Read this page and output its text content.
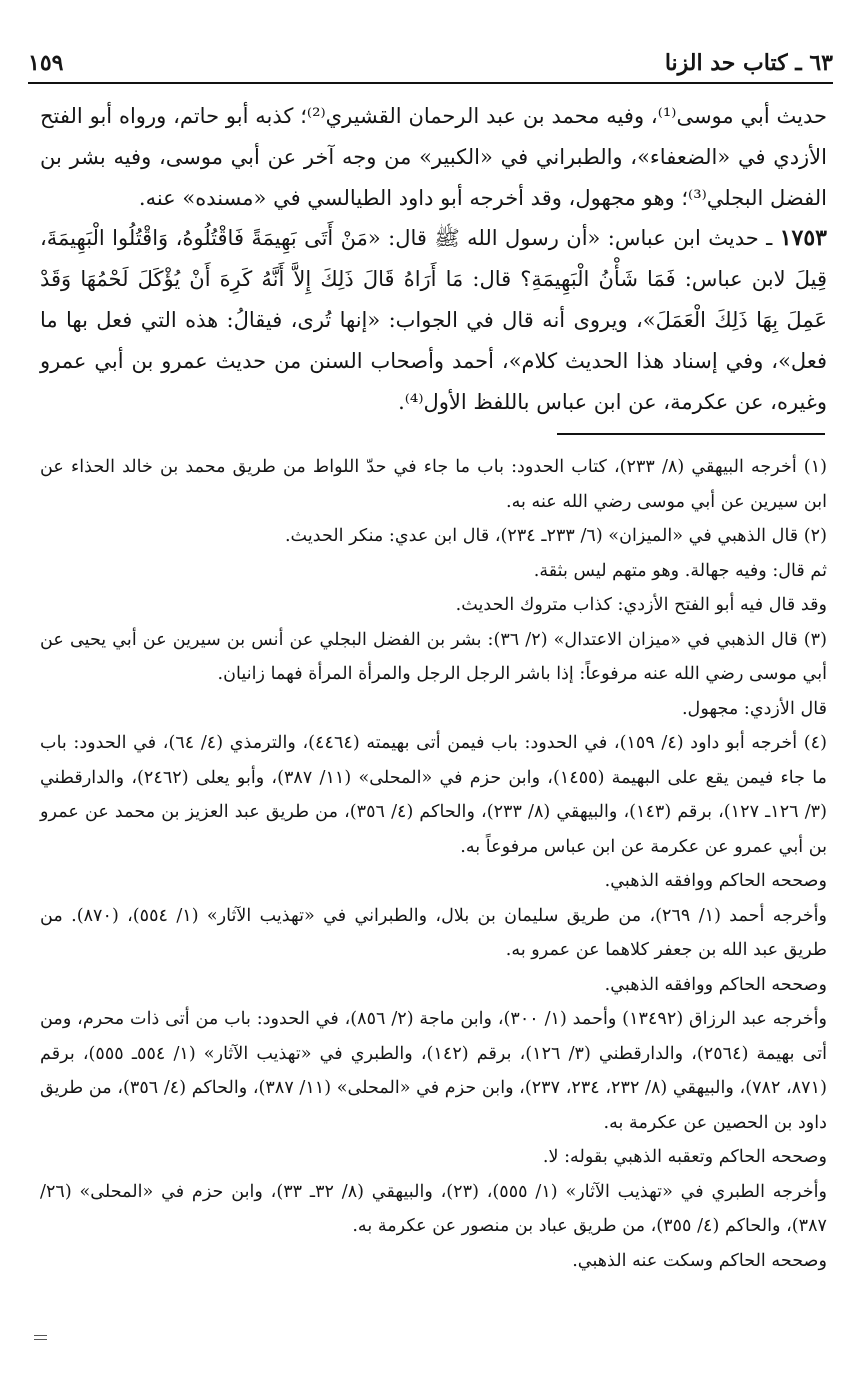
٦٣ ـ كتاب حد الزنا
١٥٩

حديث أبي موسى⁽¹⁾، وفيه محمد بن عبد الرحمان القشيري⁽²⁾؛ كذبه أبو حاتم، ورواه أبو الفتح الأزدي في «الضعفاء»، والطبراني في «الكبير» من وجه آخر عن أبي موسى، وفيه بشر بن الفضل البجلي⁽³⁾؛ وهو مجهول، وقد أخرجه أبو داود الطيالسي في «مسنده» عنه.

١٧٥٣ ـ حديث ابن عباس: «أن رسول الله ﷺ قال: «مَنْ أَتَى بَهِيمَةً فَاقْتُلُوهُ، وَاقْتُلُوا الْبَهِيمَةَ، قِيلَ لابن عباس: فَمَا شَأْنُ الْبَهِيمَةِ؟ قال: مَا أَرَاهُ قَالَ ذَلِكَ إِلاَّ أَنَّهُ كَرِهَ أَنْ يُؤْكَلَ لَحْمُهَا وَقَدْ عَمِلَ بِهَا ذَلِكَ الْعَمَلَ»، ويروى أنه قال في الجواب: «إنها تُرى، فيقالُ: هذه التي فعل بها ما فعل»، وفي إسناد هذا الحديث كلام»، أحمد وأصحاب السنن من حديث عمرو بن أبي عمرو وغيره، عن عكرمة، عن ابن عباس باللفظ الأول⁽⁴⁾.

(١) أخرجه البيهقي (٨/ ٢٣٣)، كتاب الحدود: باب ما جاء في حدّ اللواط من طريق محمد بن خالد الحذاء عن ابن سيرين عن أبي موسى رضي الله عنه به.

(٢) قال الذهبي في «الميزان» (٦/ ٢٣٣ـ ٢٣٤)، قال ابن عدي: منكر الحديث.

ثم قال: وفيه جهالة. وهو متهم ليس بثقة.

وقد قال فيه أبو الفتح الأزدي: كذاب متروك الحديث.

(٣) قال الذهبي في «ميزان الاعتدال» (٢/ ٣٦): بشر بن الفضل البجلي عن أنس بن سيرين عن أبي يحيى عن أبي موسى رضي الله عنه مرفوعاً: إذا باشر الرجل الرجل والمرأة المرأة فهما زانيان.

قال الأزدي: مجهول.

(٤) أخرجه أبو داود (٤/ ١٥٩)، في الحدود: باب فيمن أتى بهيمته (٤٤٦٤)، والترمذي (٤/ ٦٤)، في الحدود: باب ما جاء فيمن يقع على البهيمة (١٤٥٥)، وابن حزم في «المحلى» (١١/ ٣٨٧)، وأبو يعلى (٢٤٦٢)، والدارقطني (٣/ ١٢٦ـ ١٢٧)، برقم (١٤٣)، والبيهقي (٨/ ٢٣٣)، والحاكم (٤/ ٣٥٦)، من طريق عبد العزيز بن محمد عن عمرو بن أبي عمرو عن عكرمة عن ابن عباس مرفوعاً به.

وصححه الحاكم ووافقه الذهبي.

وأخرجه أحمد (١/ ٢٦٩)، من طريق سليمان بن بلال، والطبراني في «تهذيب الآثار» (١/ ٥٥٤)، (٨٧٠). من طريق عبد الله بن جعفر كلاهما عن عمرو به.

وصححه الحاكم ووافقه الذهبي.

وأخرجه عبد الرزاق (١٣٤٩٢) وأحمد (١/ ٣٠٠)، وابن ماجة (٢/ ٨٥٦)، في الحدود: باب من أتى ذات محرم، ومن أتى بهيمة (٢٥٦٤)، والدارقطني (٣/ ١٢٦)، برقم (١٤٢)، والطبري في «تهذيب الآثار» (١/ ٥٥٤ـ ٥٥٥)، برقم (٨٧١، ٧٨٢)، والبيهقي (٨/ ٢٣٢، ٢٣٤، ٢٣٧)، وابن حزم في «المحلى» (١١/ ٣٨٧)، والحاكم (٤/ ٣٥٦)، من طريق داود بن الحصين عن عكرمة به.

وصححه الحاكم وتعقبه الذهبي بقوله: لا.

وأخرجه الطبري في «تهذيب الآثار» (١/ ٥٥٥)، (٢٣)، والبيهقي (٨/ ٣٢ـ ٣٣)، وابن حزم في «المحلى» (٢٦/ ٣٨٧)، والحاكم (٤/ ٣٥٥)، من طريق عباد بن منصور عن عكرمة به.

وصححه الحاكم وسكت عنه الذهبي.
